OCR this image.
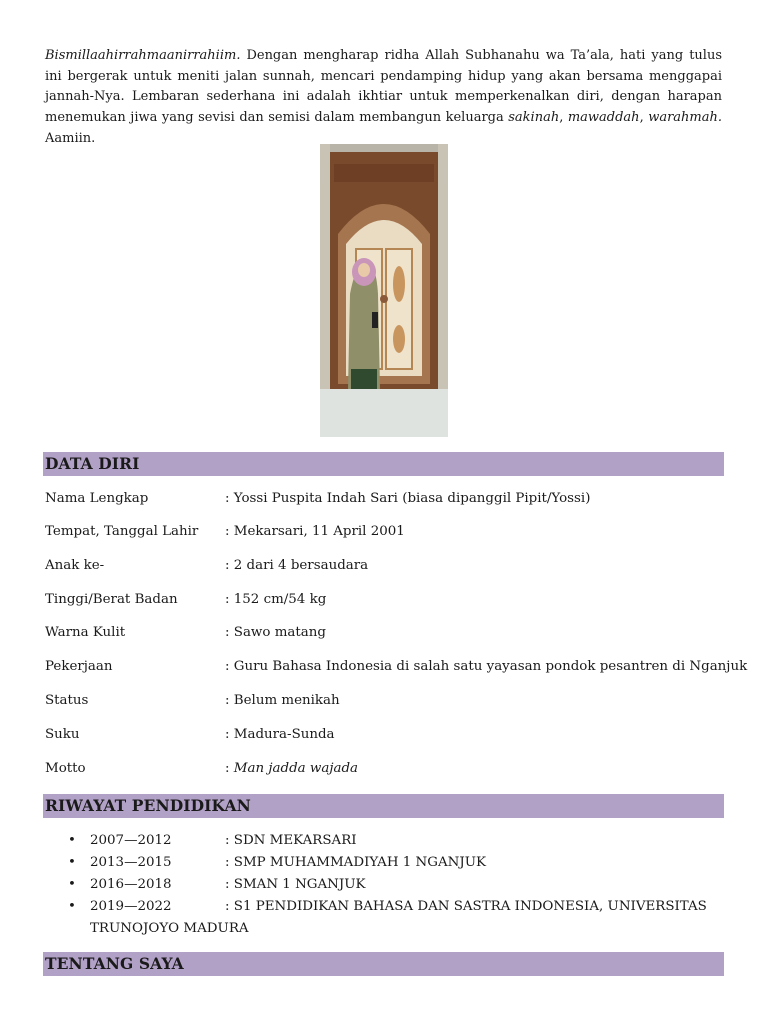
Bismillaahirrahmaanirrahiim. Dengan mengharap ridha Allah Subhanahu wa Ta’ala, hati yang tulus ini bergerak untuk meniti jalan sunnah, mencari pendamping hidup yang akan bersama menggapai jannah-Nya. Lembaran sederhana ini adalah ikhtiar untuk memperkenalkan diri, dengan harapan menemukan jiwa yang sevisi dan semisi dalam membangun keluarga sakinah, mawaddah, warahmah. Aamiin.

DATA DIRI
Nama Lengkap	: Yossi Puspita Indah Sari (biasa dipanggil Pipit/Yossi)
Tempat, Tanggal Lahir : Mekarsari, 11 April 2001
Anak ke-	: 2 dari 4 bersaudara
Tinggi/Berat Badan	: 152 cm/54 kg
Warna Kulit	: Sawo matang
Pekerjaan	: Guru Bahasa Indonesia di salah satu yayasan pondok pesantren di Nganjuk
Status	: Belum menikah
Suku	: Madura-Sunda
Motto	: Man jadda wajada
RIWAYAT PENDIDIKAN
• 2007—2012	: SDN MEKARSARI
• 2013—2015	: SMP MUHAMMADIYAH 1 NGANJUK
• 2016—2018	: SMAN 1 NGANJUK
• 2019—2022	: S1 PENDIDIKAN BAHASA DAN SASTRA INDONESIA, UNIVERSITAS
TRUNOJOYO MADURA
TENTANG SAYA
